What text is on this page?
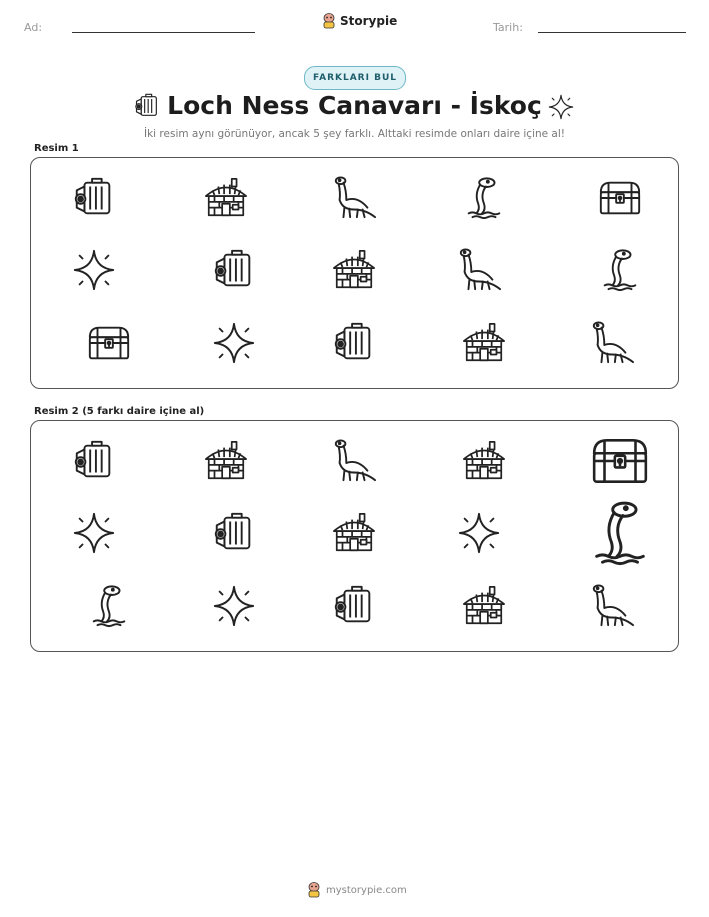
Ad:	Storypie	Tarih:
FARKLARI BUL
Loch Ness Canavarı - İskoç
İki resim aynı görünüyor, ancak 5 şey farklı. Alttaki resimde onları daire içine al!
Resim 1
Resim 2 (5 farkı daire içine al)
mystorypie.com
